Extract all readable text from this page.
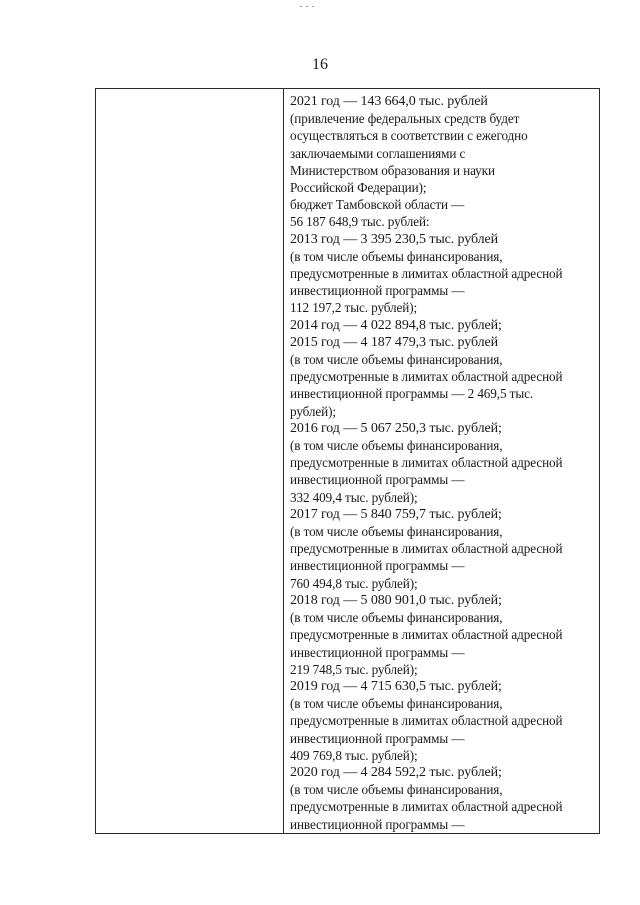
16
2021 год — 143 664,0 тыс. рублей
(привлечение федеральных средств будет
осуществляться в соответствии с ежегодно
заключаемыми соглашениями с
Министерством образования и науки
Российской Федерации);
бюджет Тамбовской области —
56 187 648,9 тыс. рублей:
2013 год — 3 395 230,5 тыс. рублей
(в том числе объемы финансирования,
предусмотренные в лимитах областной адресной
инвестиционной программы —
112 197,2 тыс. рублей);
2014 год — 4 022 894,8 тыс. рублей;
2015 год — 4 187 479,3 тыс. рублей
(в том числе объемы финансирования,
предусмотренные в лимитах областной адресной
инвестиционной программы — 2 469,5 тыс.
рублей);
2016 год — 5 067 250,3 тыс. рублей;
(в том числе объемы финансирования,
предусмотренные в лимитах областной адресной
инвестиционной программы —
332 409,4 тыс. рублей);
2017 год — 5 840 759,7 тыс. рублей;
(в том числе объемы финансирования,
предусмотренные в лимитах областной адресной
инвестиционной программы —
760 494,8 тыс. рублей);
2018 год — 5 080 901,0 тыс. рублей;
(в том числе объемы финансирования,
предусмотренные в лимитах областной адресной
инвестиционной программы —
219 748,5 тыс. рублей);
2019 год — 4 715 630,5 тыс. рублей;
(в том числе объемы финансирования,
предусмотренные в лимитах областной адресной
инвестиционной программы —
409 769,8 тыс. рублей);
2020 год — 4 284 592,2 тыс. рублей;
(в том числе объемы финансирования,
предусмотренные в лимитах областной адресной
инвестиционной программы —
